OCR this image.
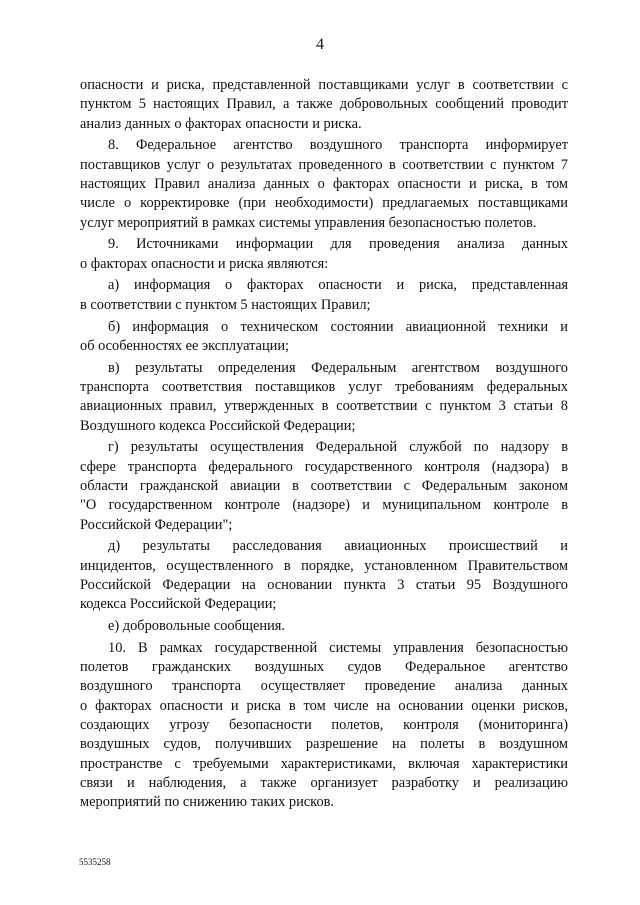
4
опасности и риска, представленной поставщиками услуг в соответствии с
пунктом 5 настоящих Правил, а также добровольных сообщений проводит
анализ данных о факторах опасности и риска.
8. Федеральное агентство воздушного транспорта информирует
поставщиков услуг о результатах проведенного в соответствии с пунктом 7
настоящих Правил анализа данных о факторах опасности и риска, в том
числе о корректировке (при необходимости) предлагаемых поставщиками
услуг мероприятий в рамках системы управления безопасностью полетов.
9. Источниками информации для проведения анализа данных
о факторах опасности и риска являются:
а) информация о факторах опасности и риска, представленная
в соответствии с пунктом 5 настоящих Правил;
б) информация о техническом состоянии авиационной техники и
об особенностях ее эксплуатации;
в) результаты определения Федеральным агентством воздушного
транспорта соответствия поставщиков услуг требованиям федеральных
авиационных правил, утвержденных в соответствии с пунктом 3 статьи 8
Воздушного кодекса Российской Федерации;
г) результаты осуществления Федеральной службой по надзору в
сфере транспорта федерального государственного контроля (надзора) в
области гражданской авиации в соответствии с Федеральным законом
"О государственном контроле (надзоре) и муниципальном контроле в
Российской Федерации";
д) результаты расследования авиационных происшествий и
инцидентов, осуществленного в порядке, установленном Правительством
Российской Федерации на основании пункта 3 статьи 95 Воздушного
кодекса Российской Федерации;
е) добровольные сообщения.
10. В рамках государственной системы управления безопасностью
полетов гражданских воздушных судов Федеральное агентство
воздушного транспорта осуществляет проведение анализа данных
о факторах опасности и риска в том числе на основании оценки рисков,
создающих угрозу безопасности полетов, контроля (мониторинга)
воздушных судов, получивших разрешение на полеты в воздушном
пространстве с требуемыми характеристиками, включая характеристики
связи и наблюдения, а также организует разработку и реализацию
мероприятий по снижению таких рисков.
5535258
